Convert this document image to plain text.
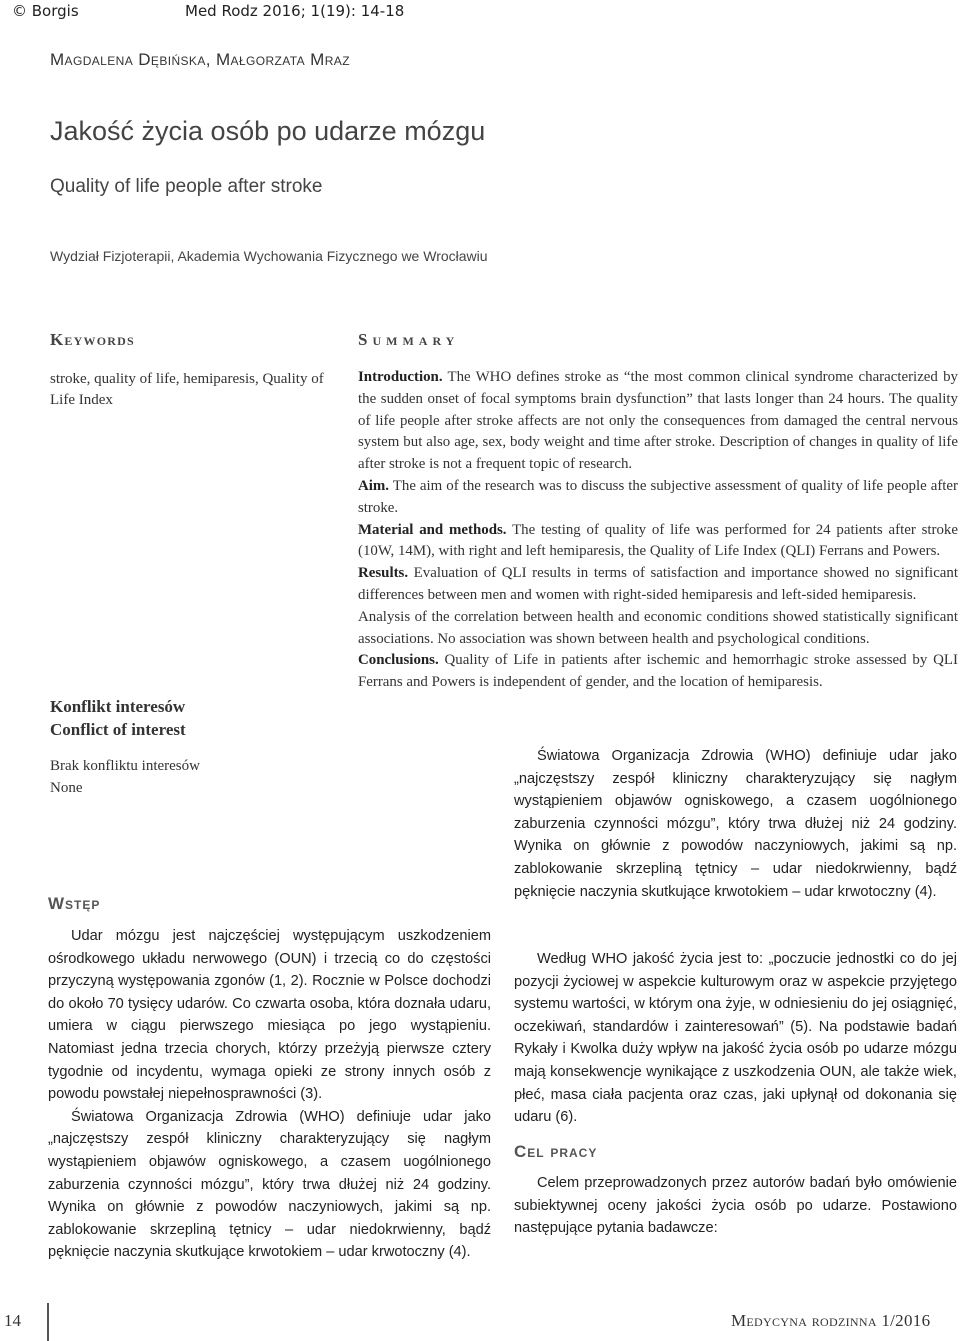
© Borgis	Med Rodz 2016; 1(19): 14-18
Magdalena Dębińska, Małgorzata Mraz
Jakość życia osób po udarze mózgu
Quality of life people after stroke
Wydział Fizjoterapii, Akademia Wychowania Fizycznego we Wrocławiu
Keywords
stroke, quality of life, hemiparesis, Quality of Life Index
Konflikt interesów
Conflict of interest
Brak konfliktu interesów
None
Summary

Introduction. The WHO defines stroke as “the most common clinical syndrome characterized by the sudden onset of focal symptoms brain dysfunction” that lasts longer than 24 hours. The quality of life people after stroke affects are not only the consequences from damaged the central nervous system but also age, sex, body weight and time after stroke. Description of changes in quality of life after stroke is not a frequent topic of research.

Aim. The aim of the research was to discuss the subjective assessment of quality of life people after stroke.

Material and methods. The testing of quality of life was performed for 24 patients after stroke (10W, 14M), with right and left hemiparesis, the Quality of Life Index (QLI) Ferrans and Powers.

Results. Evaluation of QLI results in terms of satisfaction and importance showed no significant differences between men and women with right-sided hemiparesis and left-sided hemiparesis.

Analysis of the correlation between health and economic conditions showed statistically significant associations. No association was shown between health and psychological conditions.

Conclusions. Quality of Life in patients after ischemic and hemorrhagic stroke assessed by QLI Ferrans and Powers is independent of gender, and the location of hemiparesis.

Wstęp

Udar mózgu jest najczęściej występującym uszkodzeniem ośrodkowego układu nerwowego (OUN) i trzecią co do częstości przyczyną występowania zgonów (1, 2). Rocznie w Polsce dochodzi do około 70 tysięcy udarów. Co czwarta osoba, która doznała udaru, umiera w ciągu pierwszego miesiąca po jego wystąpieniu. Natomiast jedna trzecia chorych, którzy przeżyją pierwsze cztery tygodnie od incydentu, wymaga opieki ze strony innych osób z powodu powstałej niepełnosprawności (3).

Światowa Organizacja Zdrowia (WHO) definiuje udar jako „najczęstszy zespół kliniczny charakteryzujący się nagłym wystąpieniem objawów ogniskowego, a czasem uogólnionego zaburzenia czynności mózgu”, który trwa dłużej niż 24 godziny. Wynika on głównie z powodów naczyniowych, jakimi są np. zablokowanie skrzepliną tętnicy – udar niedokrwienny, bądź pęknięcie naczynia skutkujące krwotokiem – udar krwotoczny (4).

Światowa Organizacja Zdrowia (WHO) definiuje udar jako „najczęstszy zespół kliniczny charakteryzujący się nagłym wystąpieniem objawów ogniskowego, a czasem uogólnionego zaburzenia czynności mózgu”, który trwa dłużej niż 24 godziny. Wynika on głównie z powodów naczyniowych, jakimi są np. zablokowanie skrzepliną tętnicy – udar niedokrwienny, bądź pęknięcie naczynia skutkujące krwotokiem – udar krwotoczny (4).

Według WHO jakość życia jest to: „poczucie jednostki co do jej pozycji życiowej w aspekcie kulturowym oraz w aspekcie przyjętego systemu wartości, w którym ona żyje, w odniesieniu do jej osiągnięć, oczekiwań, standardów i zainteresowań” (5). Na podstawie badań Rykały i Kwolka duży wpływ na jakość życia osób po udarze mózgu mają konsekwencje wynikające z uszkodzenia OUN, ale także wiek, płeć, masa ciała pacjenta oraz czas, jaki upłynął od dokonania się udaru (6).

Cel pracy

Celem przeprowadzonych przez autorów badań było omówienie subiektywnej oceny jakości życia osób po udarze. Postawiono następujące pytania badawcze:

14	Medycyna rodzinna 1/2016
